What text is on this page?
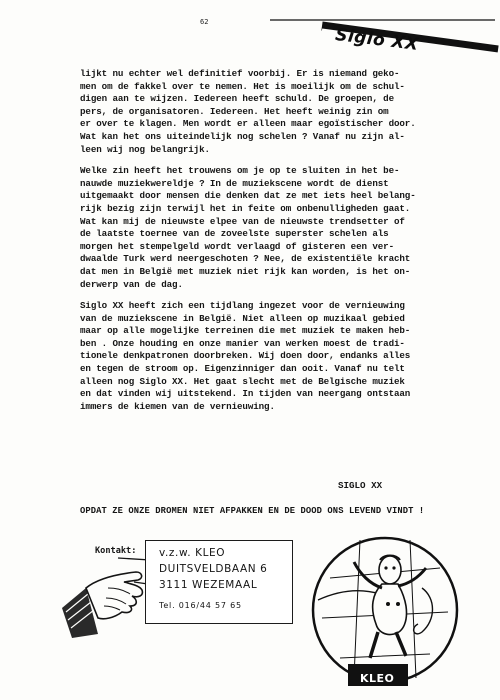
62
Siglo XX

lijkt nu echter wel definitief voorbij. Er is niemand geko-
men om de fakkel over te nemen. Het is moeilijk om de schul-
digen aan te wijzen. Iedereen heeft schuld. De groepen, de
pers, de organisatoren. Iedereen. Het heeft weinig zin om
er over te klagen. Men wordt er alleen maar egoïstischer door.
Wat kan het ons uiteindelijk nog schelen ? Vanaf nu zijn al-
leen wij nog belangrijk.

Welke zin heeft het trouwens om je op te sluiten in het be-
nauwde muziekwereldje ? In de muziekscene wordt de dienst
uitgemaakt door mensen die denken dat ze met iets heel belang-
rijk bezig zijn terwijl het in feite om onbenulligheden gaat.
Wat kan mij de nieuwste elpee van de nieuwste trendsetter of
de laatste toernee van de zoveelste superster schelen als
morgen het stempelgeld wordt verlaagd of gisteren een ver-
dwaalde Turk werd neergeschoten ? Nee, de existentiële kracht
dat men in België met muziek niet rijk kan worden, is het on-
derwerp van de dag.

Siglo XX heeft zich een tijdlang ingezet voor de vernieuwing
van de muziekscene in België. Niet alleen op muzikaal gebied
maar op alle mogelijke terreinen die met muziek te maken heb-
ben . Onze houding en onze manier van werken moest de tradi-
tionele denkpatronen doorbreken. Wij doen door, endanks alles
en tegen de stroom op. Eigenzinniger dan ooit. Vanaf nu telt
alleen nog Siglo XX. Het gaat slecht met de Belgische muziek
en dat vinden wij uitstekend. In tijden van neergang ontstaan
immers de kiemen van de vernieuwing.

SIGLO XX
OPDAT ZE ONZE DROMEN NIET AFPAKKEN EN DE DOOD ONS LEVEND VINDT !
Kontakt: v.z.w. KLEO
DUITSVELDBAAN 6
3111 WEZEMAAL
Tel. 016/44 57 65
KLEO
